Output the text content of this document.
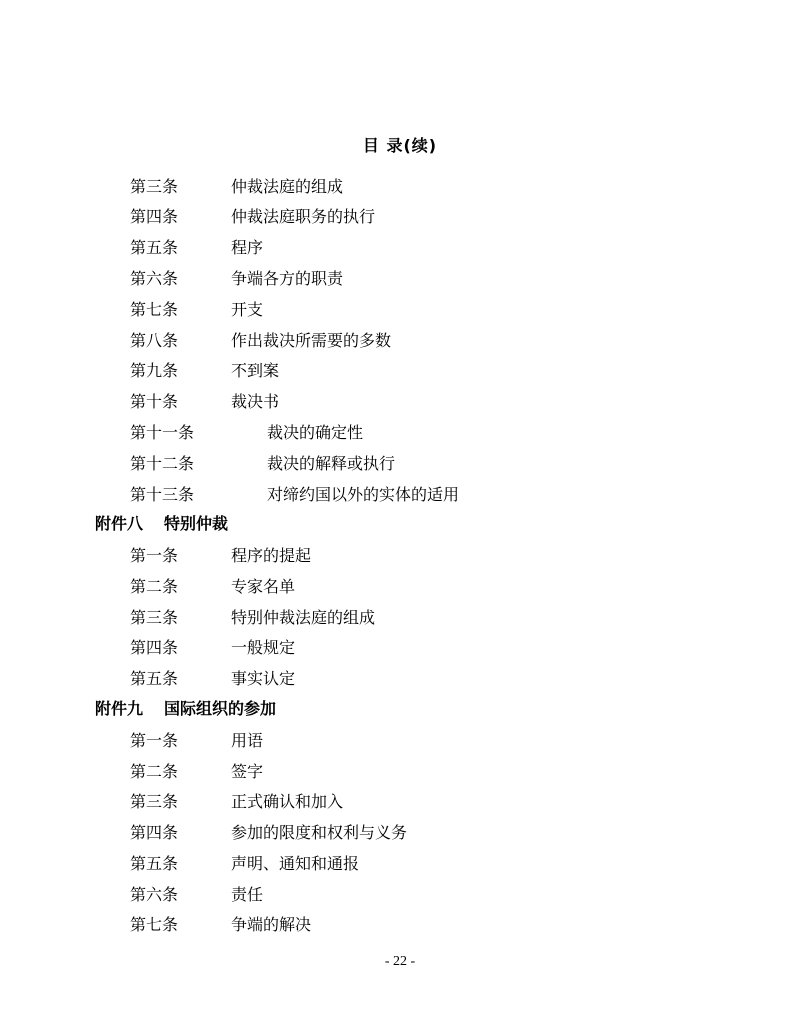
目 录(续)
第三条	仲裁法庭的组成
第四条	仲裁法庭职务的执行
第五条	程序
第六条	争端各方的职责
第七条	开支
第八条	作出裁决所需要的多数
第九条	不到案
第十条	裁决书
第十一条	裁决的确定性
第十二条	裁决的解释或执行
第十三条	对缔约国以外的实体的适用
附件八 特别仲裁
第一条	程序的提起
第二条	专家名单
第三条	特别仲裁法庭的组成
第四条	一般规定
第五条	事实认定
附件九 国际组织的参加
第一条	用语
第二条	签字
第三条	正式确认和加入
第四条	参加的限度和权利与义务
第五条	声明、通知和通报
第六条	责任
第七条	争端的解决
- 22 -
